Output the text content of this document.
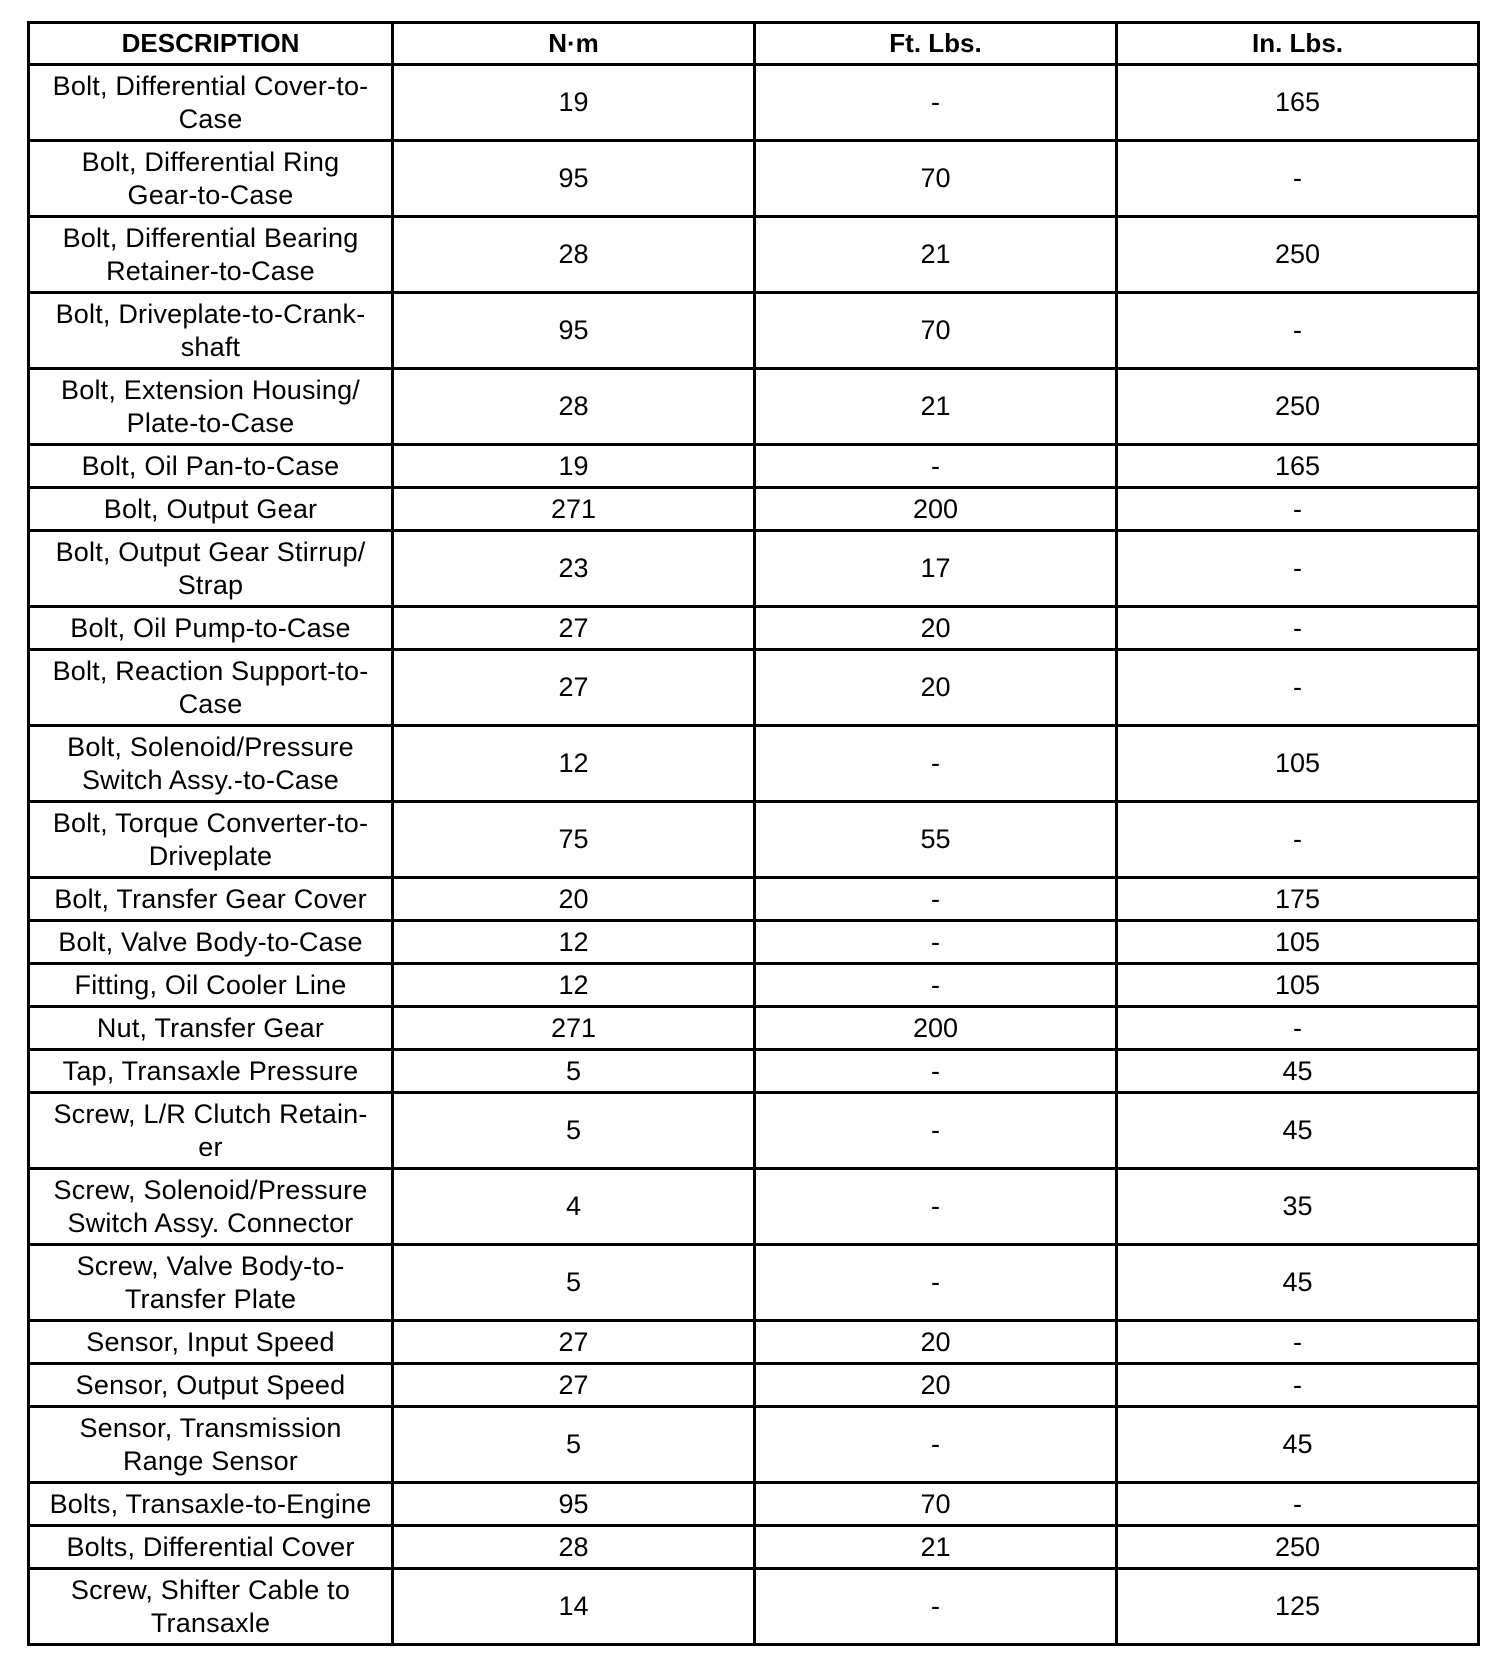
DESCRIPTION	N·m	Ft. Lbs.	In. Lbs.
Bolt, Differential Cover-to-
Case	19	-	165
Bolt, Differential Ring
Gear-to-Case	95	70	-
Bolt, Differential Bearing
Retainer-to-Case	28	21	250
Bolt, Driveplate-to-Crank-
shaft	95	70	-
Bolt, Extension Housing/
Plate-to-Case	28	21	250
Bolt, Oil Pan-to-Case	19	-	165
Bolt, Output Gear	271	200	-
Bolt, Output Gear Stirrup/
Strap	23	17	-
Bolt, Oil Pump-to-Case	27	20	-
Bolt, Reaction Support-to-
Case	27	20	-
Bolt, Solenoid/Pressure
Switch Assy.-to-Case	12	-	105
Bolt, Torque Converter-to-
Driveplate	75	55	-
Bolt, Transfer Gear Cover	20	-	175
Bolt, Valve Body-to-Case	12	-	105
Fitting, Oil Cooler Line	12	-	105
Nut, Transfer Gear	271	200	-
Tap, Transaxle Pressure	5	-	45
Screw, L/R Clutch Retain-
er	5	-	45
Screw, Solenoid/Pressure
Switch Assy. Connector	4	-	35
Screw, Valve Body-to-
Transfer Plate	5	-	45
Sensor, Input Speed	27	20	-
Sensor, Output Speed	27	20	-
Sensor, Transmission
Range Sensor	5	-	45
Bolts, Transaxle-to-Engine	95	70	-
Bolts, Differential Cover	28	21	250
Screw, Shifter Cable to
Transaxle	14	-	125
